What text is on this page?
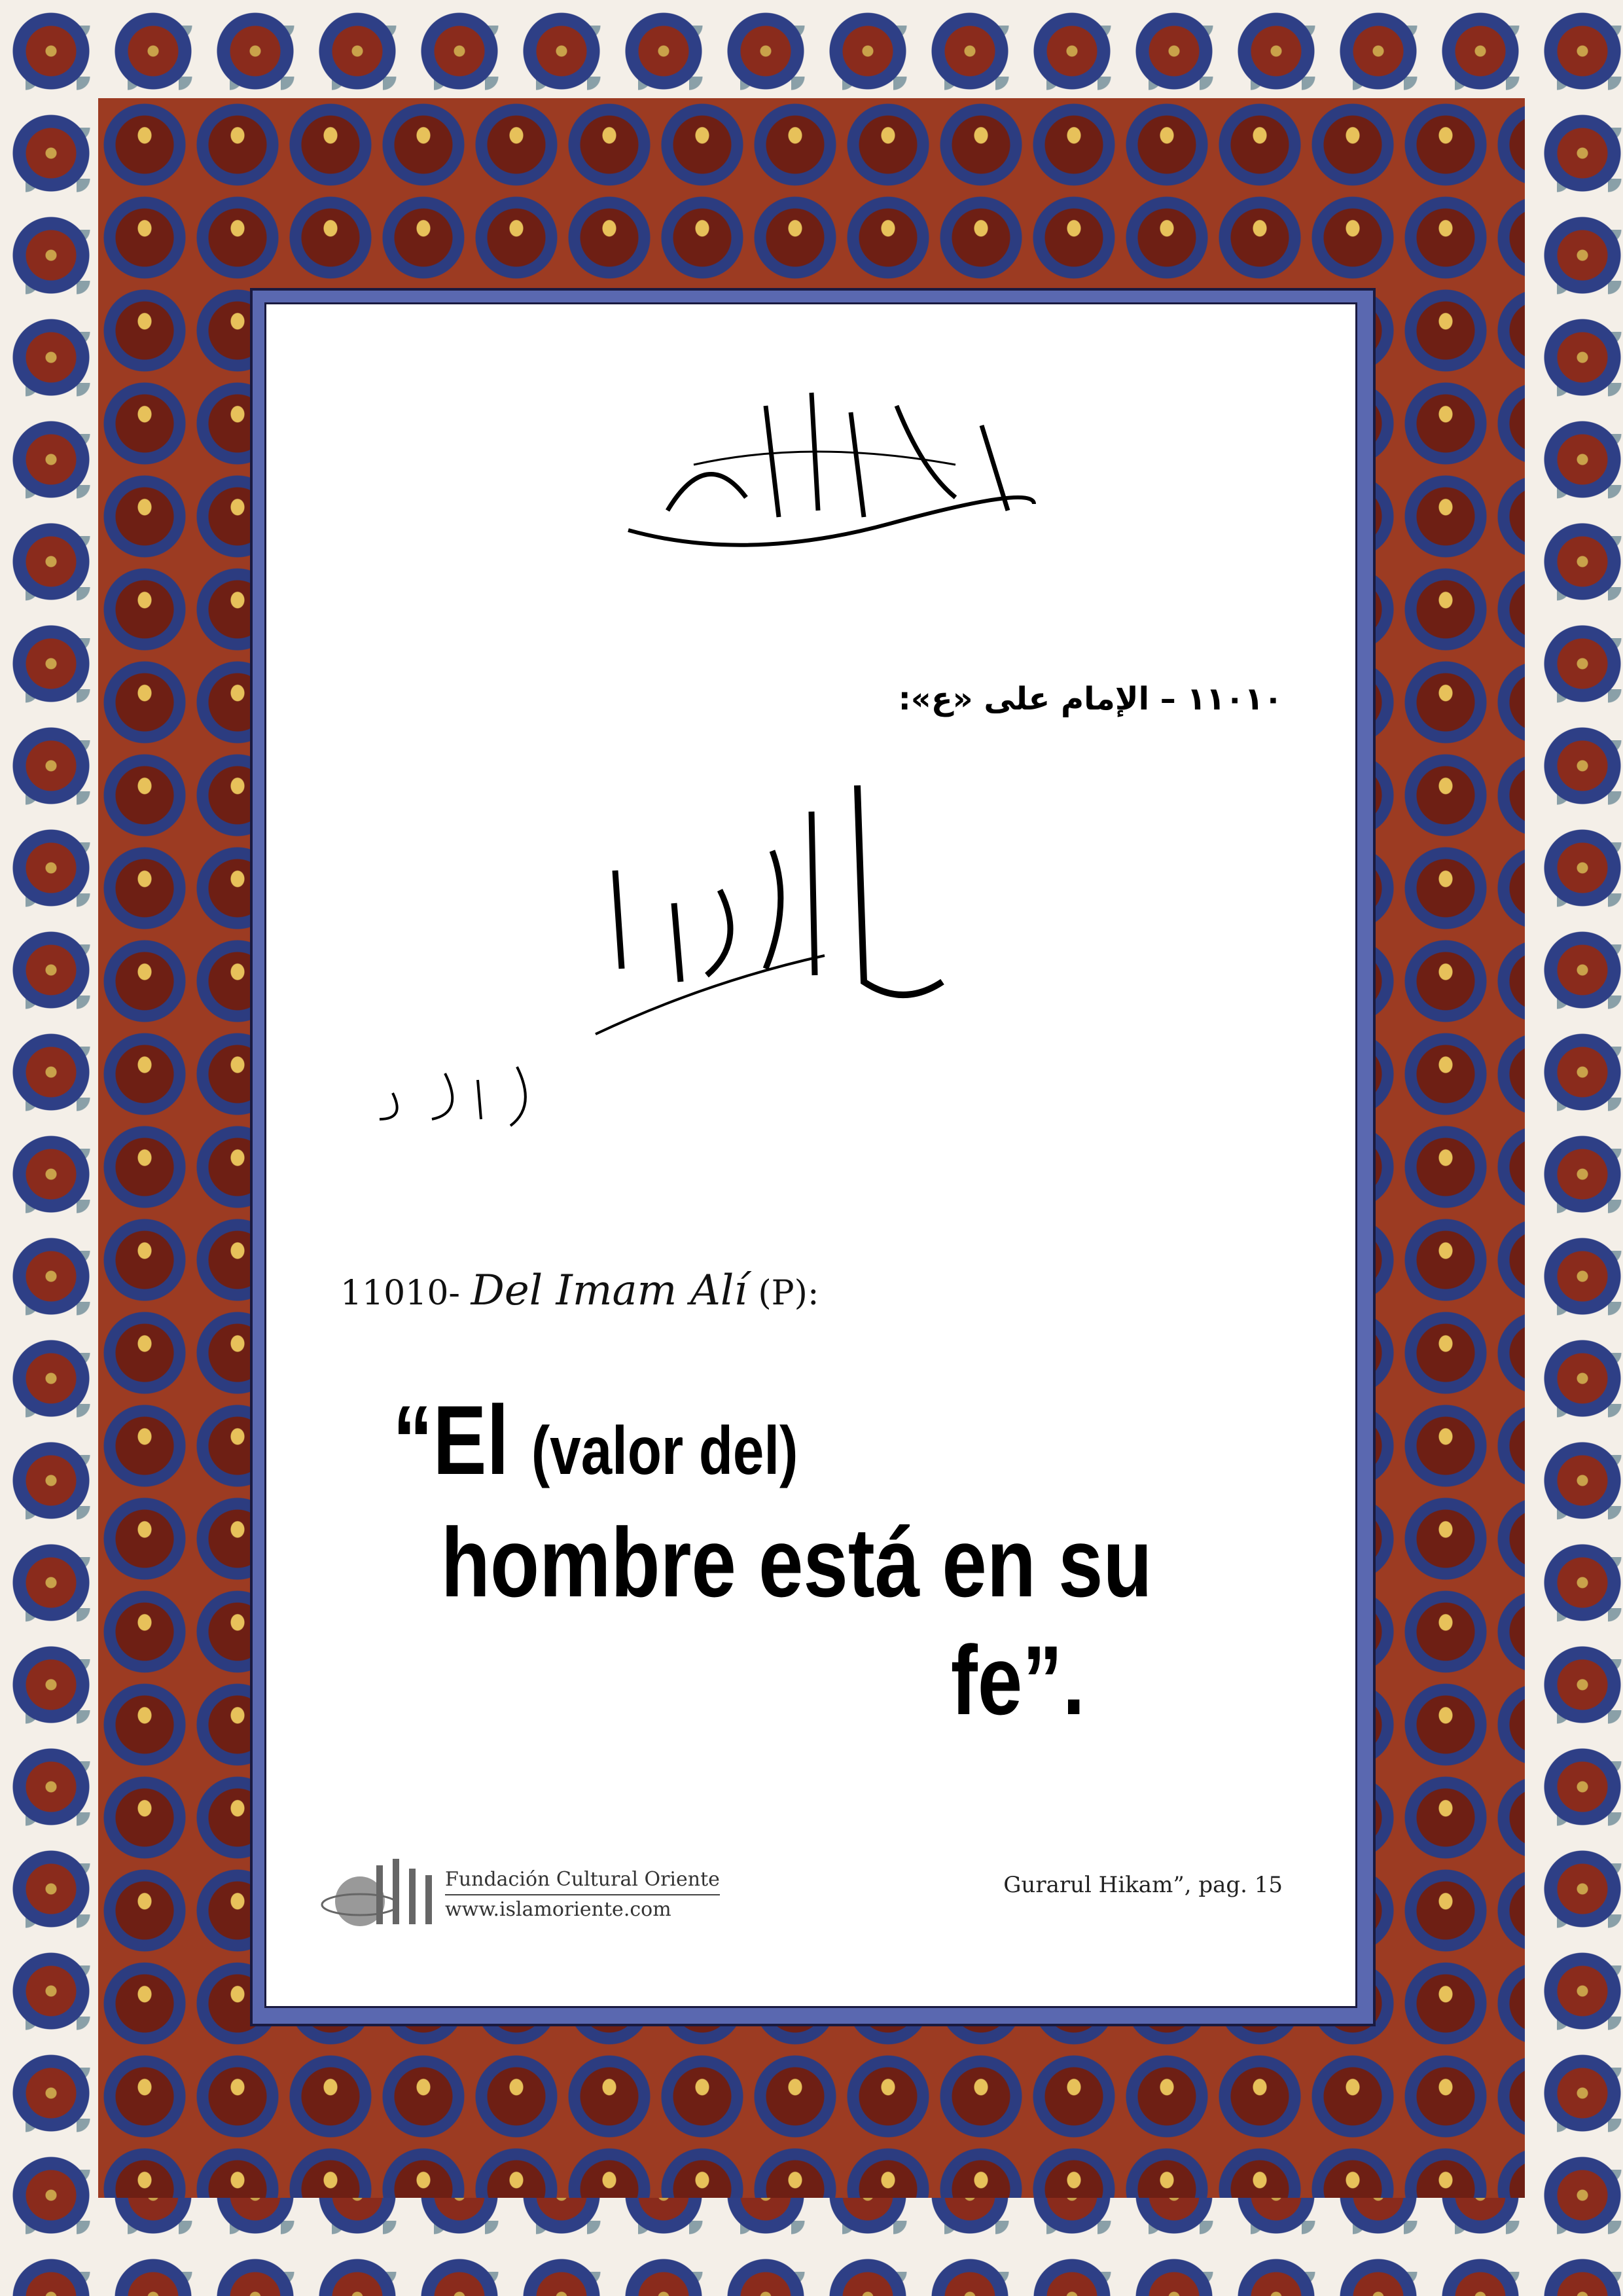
١١٠١٠ – الإمام على «ع»:
11010- Del Imam Alí (P):
“El (valor del)
hombre está en su
fe”.
Fundación Cultural Oriente
www.islamoriente.com
Gurarul Hikam”, pag. 15
